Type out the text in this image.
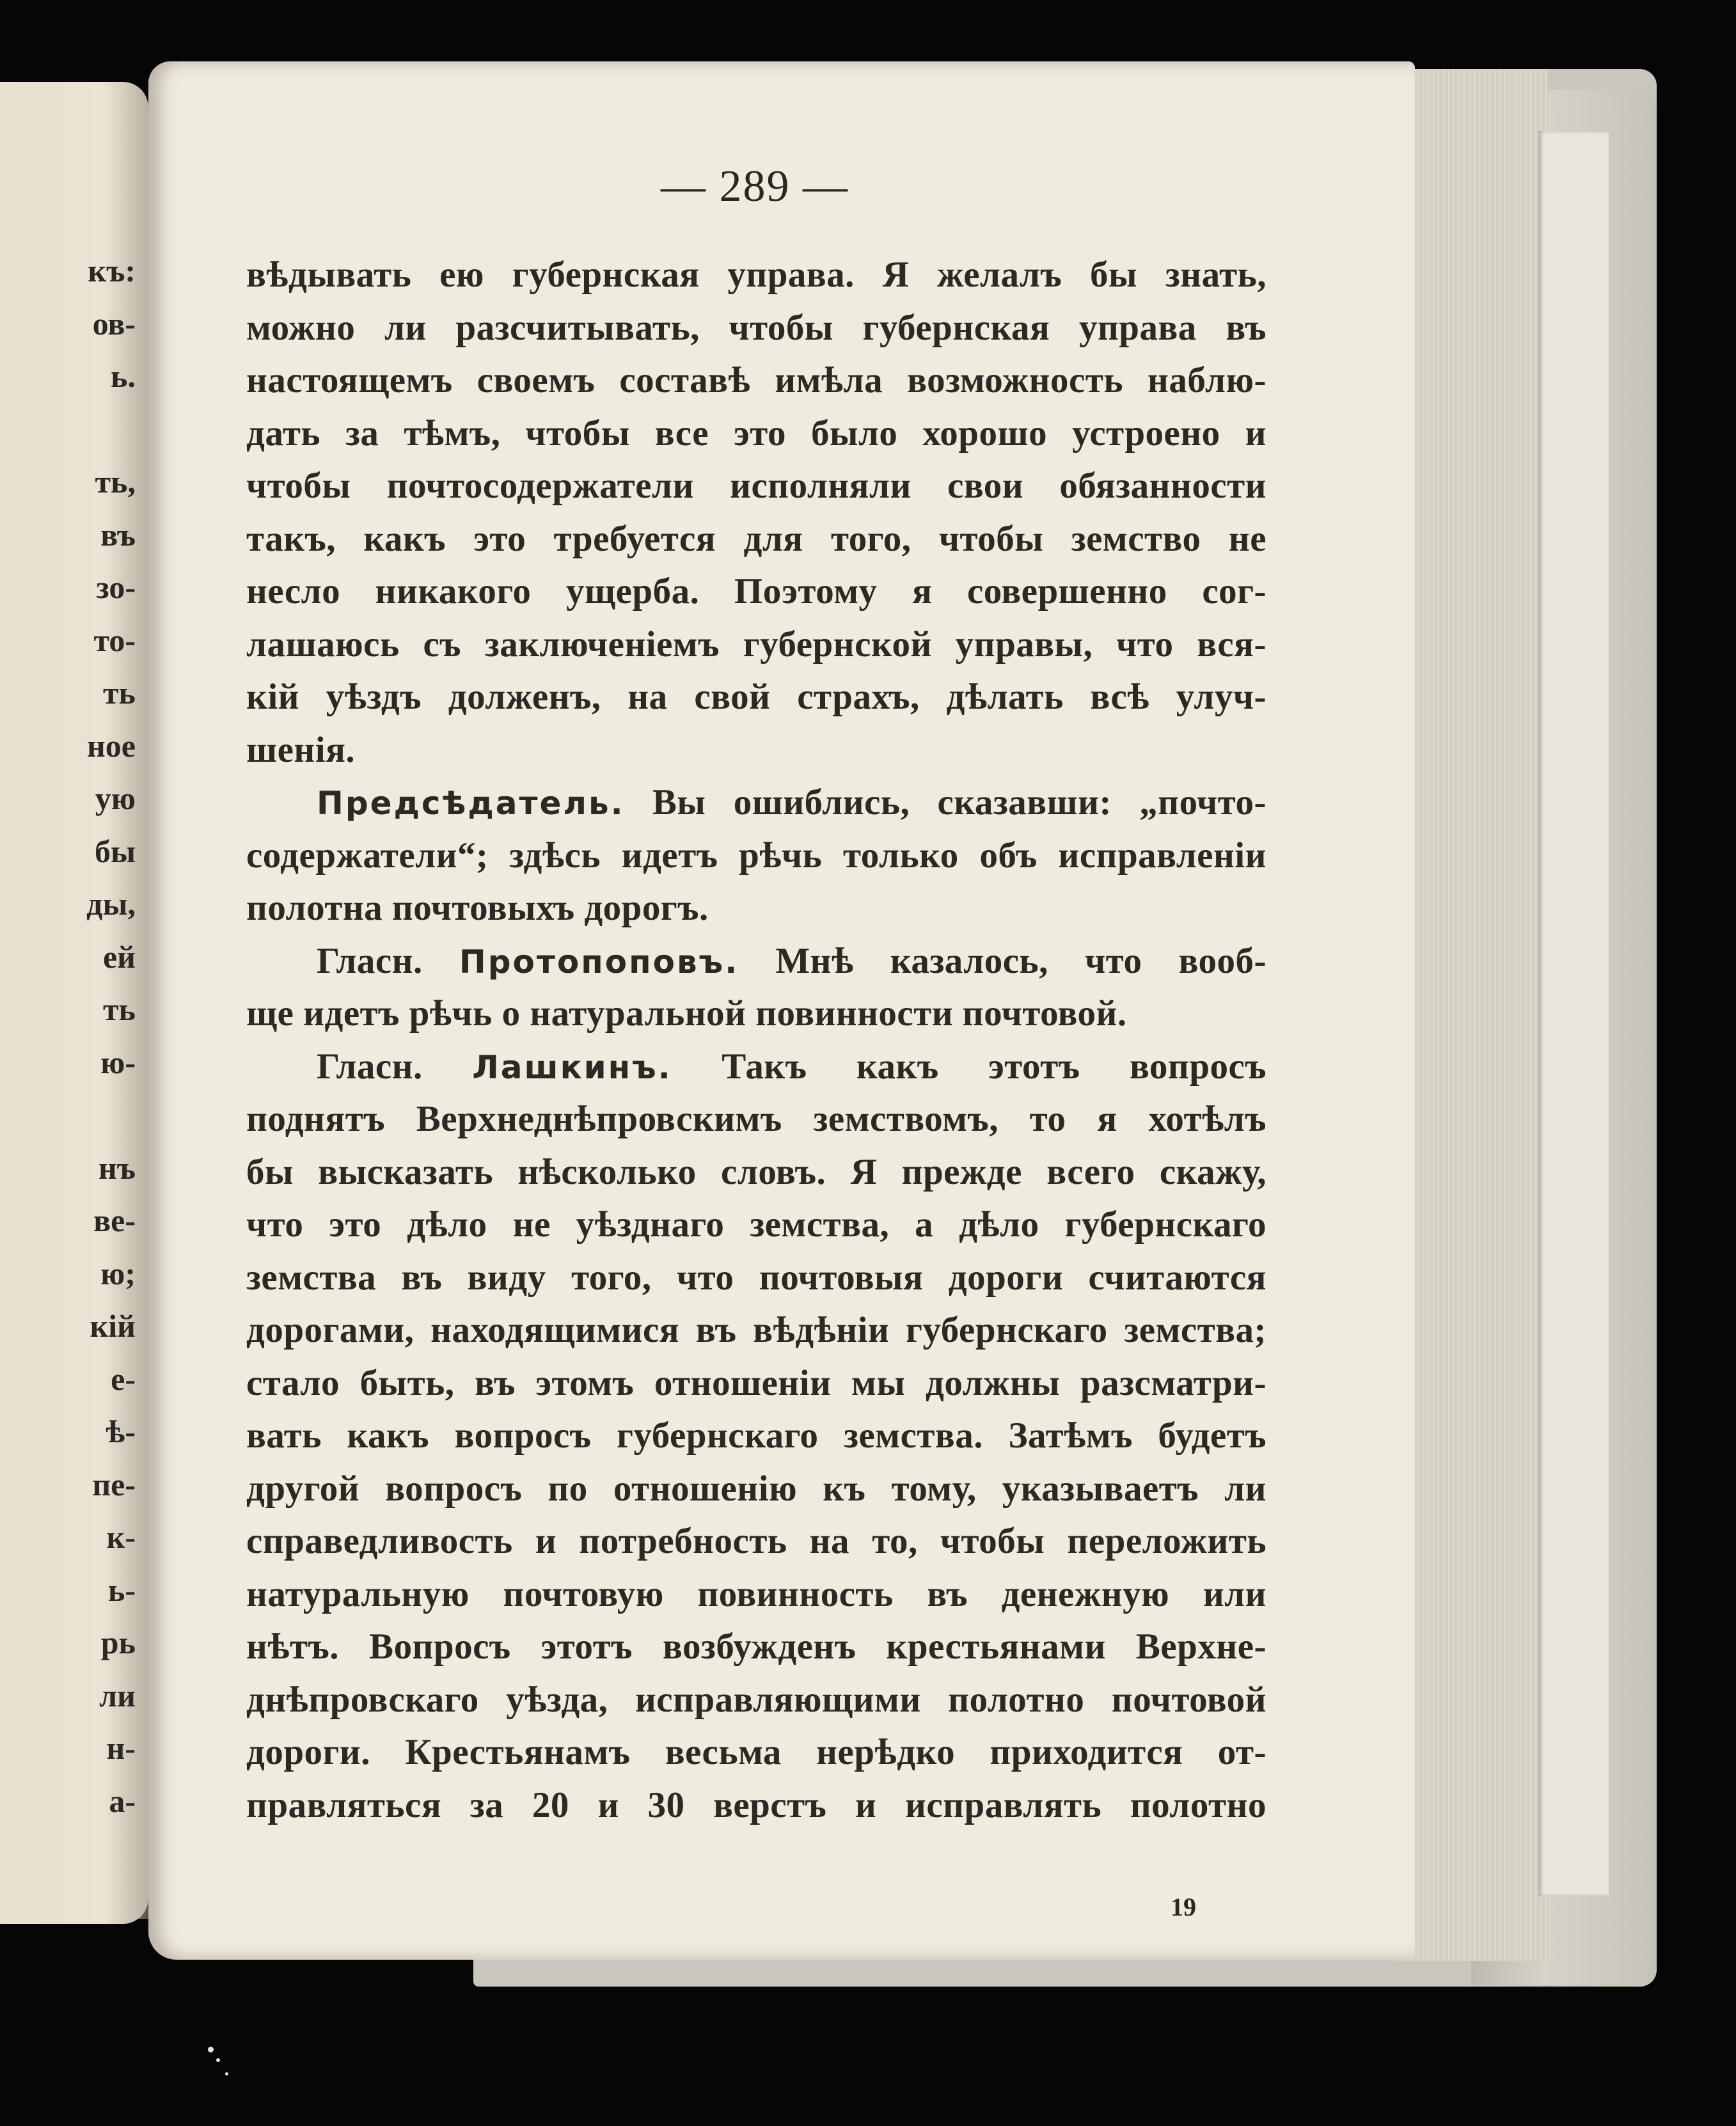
къ:
ов-
ь.
ть,
въ
зо-
то-
ть
ное
ую
бы
ды,
ей
ть
ю-
нъ
ве-
ю;
кій
е-
ѣ-
пе-
к-
ь-
рь
ли
н-
а-
— 289 —
вѣдывать ею губернская управа. Я желалъ бы знать,
можно ли разсчитывать, чтобы губернская управа въ
настоящемъ своемъ составѣ имѣла возможность наблю-
дать за тѣмъ, чтобы все это было хорошо устроено и
чтобы почтосодержатели исполняли свои обязанности
такъ, какъ это требуется для того, чтобы земство не
несло никакого ущерба. Поэтому я совершенно сог-
лашаюсь съ заключеніемъ губернской управы, что вся-
кій уѣздъ долженъ, на свой страхъ, дѣлать всѣ улуч-
шенія.
Предсѣдатель. Вы ошиблись, сказавши: „почто-
содержатели“; здѣсь идетъ рѣчь только объ исправленіи
полотна почтовыхъ дорогъ.
Гласн. Протопоповъ. Мнѣ казалось, что вооб-
ще идетъ рѣчь о натуральной повинности почтовой.
Гласн. Лашкинъ. Такъ какъ этотъ вопросъ
поднятъ Верхнеднѣпровскимъ земствомъ, то я хотѣлъ
бы высказать нѣсколько словъ. Я прежде всего скажу,
что это дѣло не уѣзднаго земства, а дѣло губернскаго
земства въ виду того, что почтовыя дороги считаются
дорогами, находящимися въ вѣдѣніи губернскаго земства;
стало быть, въ этомъ отношеніи мы должны разсматри-
вать какъ вопросъ губернскаго земства. Затѣмъ будетъ
другой вопросъ по отношенію къ тому, указываетъ ли
справедливость и потребность на то, чтобы переложить
натуральную почтовую повинность въ денежную или
нѣтъ. Вопросъ этотъ возбужденъ крестьянами Верхне-
днѣпровскаго уѣзда, исправляющими полотно почтовой
дороги. Крестьянамъ весьма нерѣдко приходится от-
правляться за 20 и 30 верстъ и исправлять полотно
19
